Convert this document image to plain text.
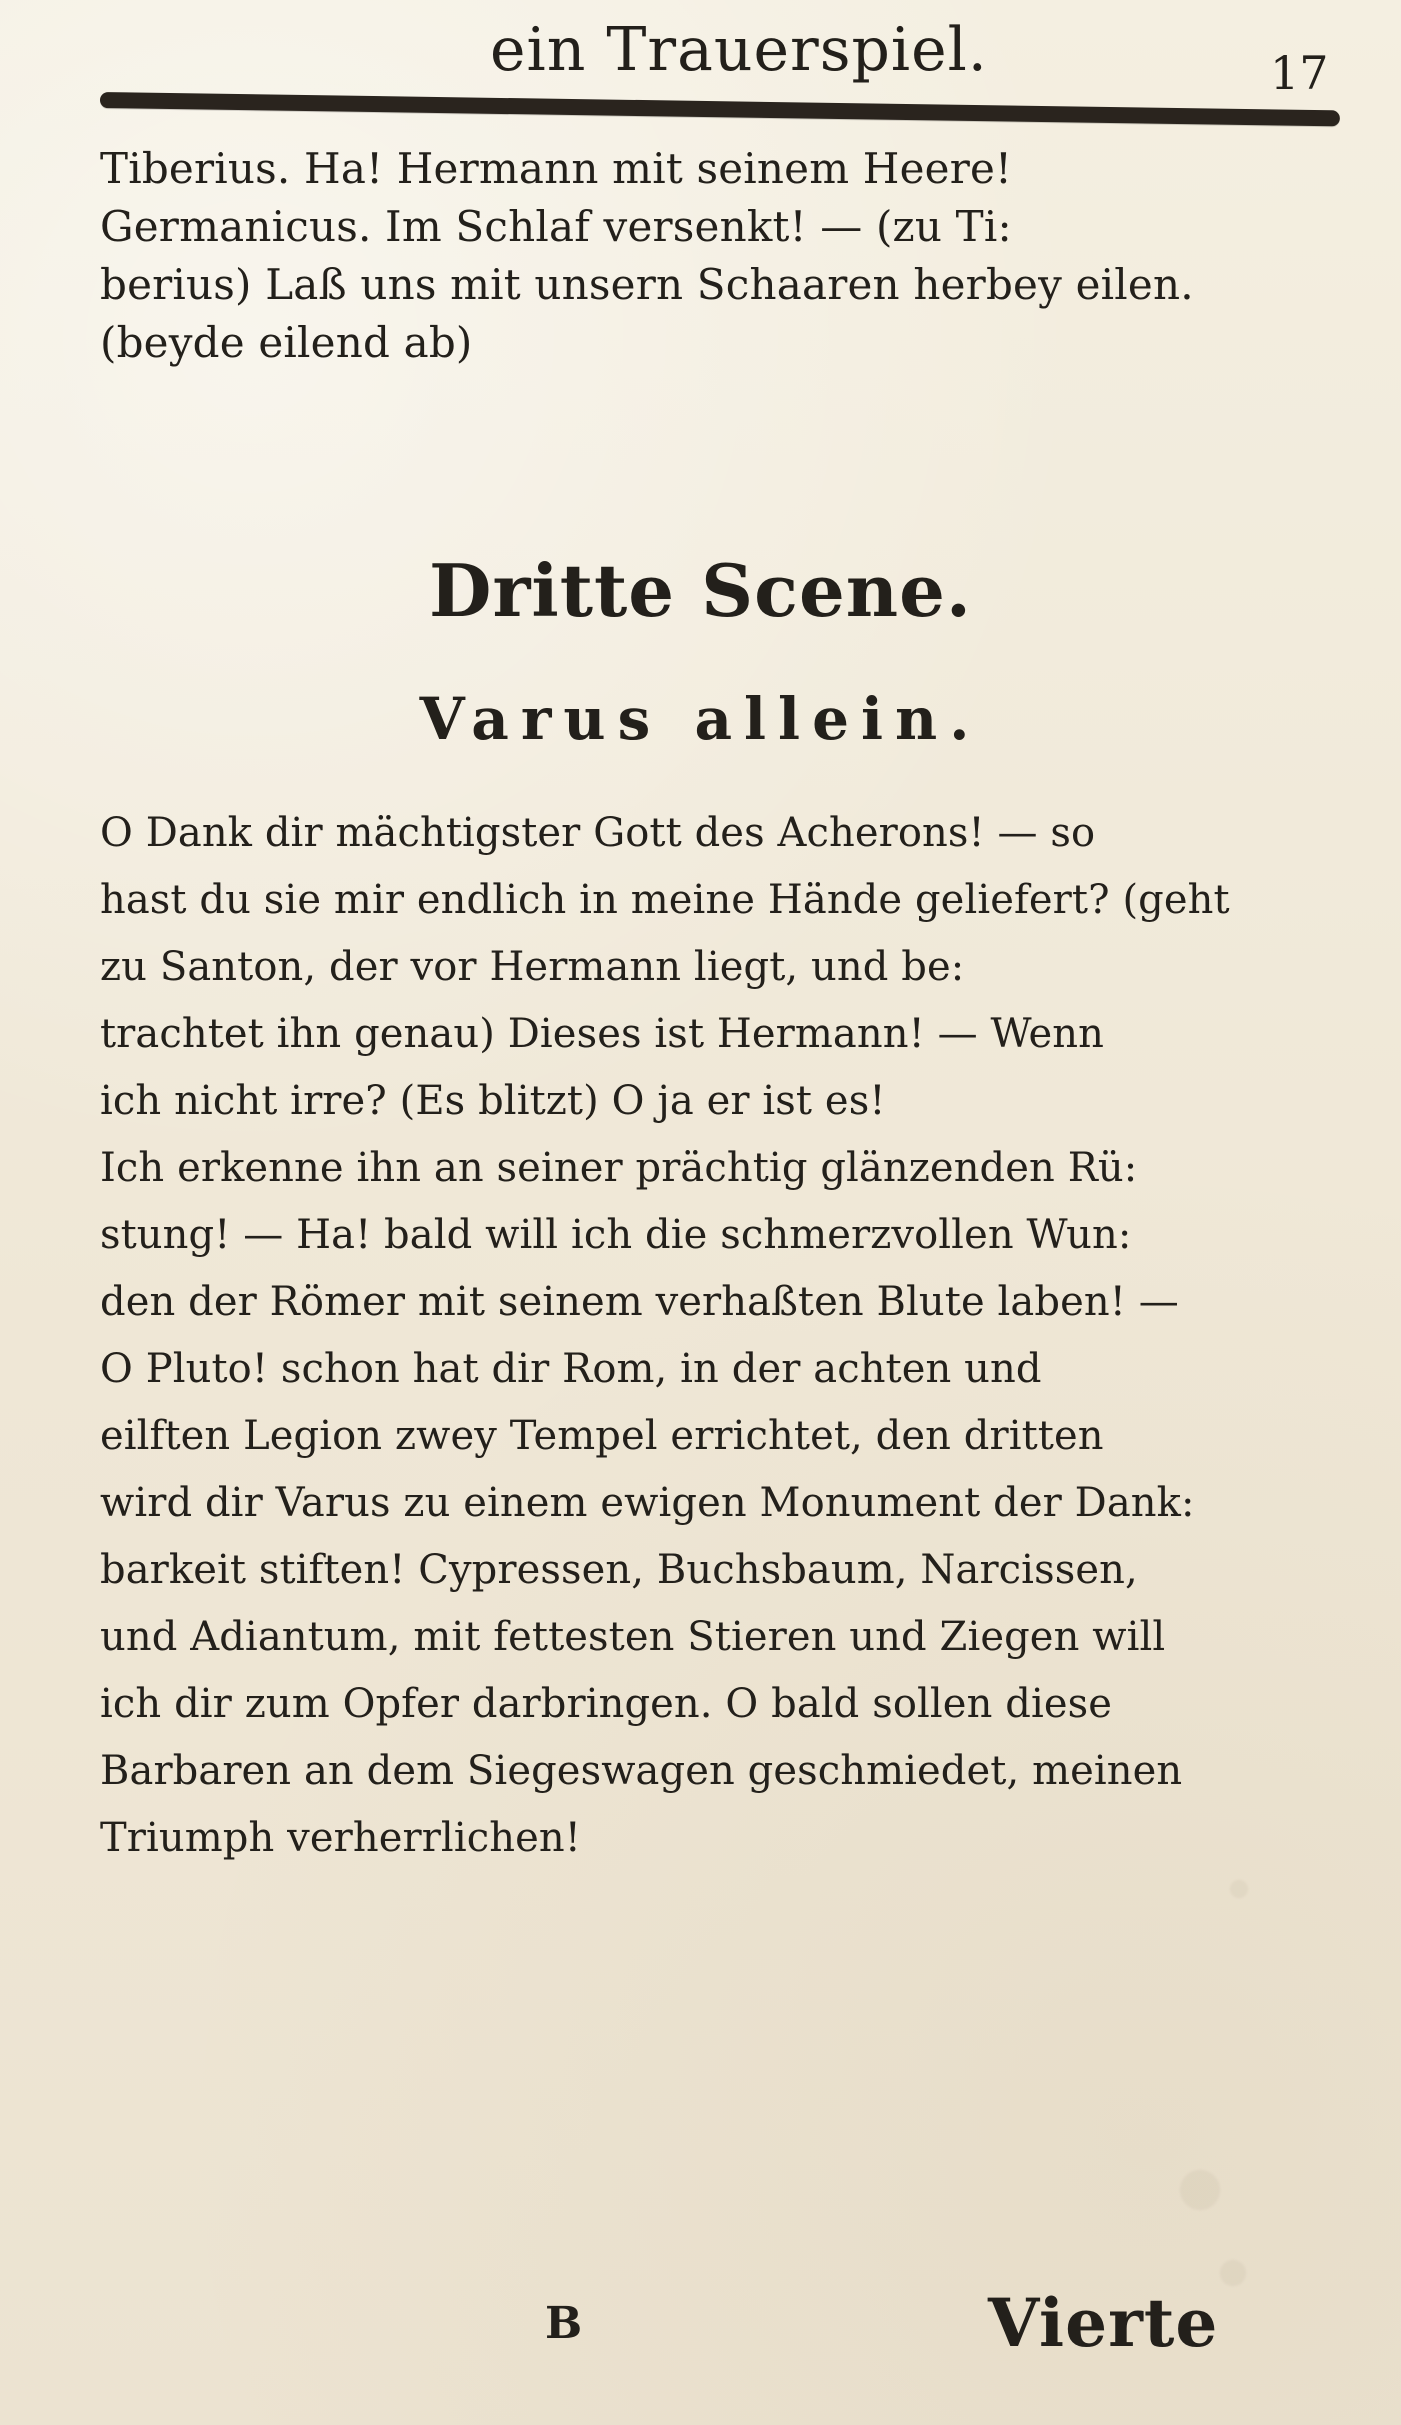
ein Trauerspiel.	17
Tiberius. Ha! Hermann mit seinem Heere!
Germanicus. Im Schlaf versenkt! — (zu Ti:
berius) Laß uns mit unsern Schaaren herbey eilen.
(beyde eilend ab)
Dritte Scene.
Varus allein.
O Dank dir mächtigster Gott des Acherons! — so
hast du sie mir endlich in meine Hände geliefert? (geht
zu Santon, der vor Hermann liegt, und be:
trachtet ihn genau) Dieses ist Hermann! — Wenn
ich nicht irre? (Es blitzt) O ja er ist es!
Ich erkenne ihn an seiner prächtig glänzenden Rü:
stung! — Ha! bald will ich die schmerzvollen Wun:
den der Römer mit seinem verhaßten Blute laben! —
O Pluto! schon hat dir Rom, in der achten und
eilften Legion zwey Tempel errichtet, den dritten
wird dir Varus zu einem ewigen Monument der Dank:
barkeit stiften! Cypressen, Buchsbaum, Narcissen,
und Adiantum, mit fettesten Stieren und Ziegen will
ich dir zum Opfer darbringen. O bald sollen diese
Barbaren an dem Siegeswagen geschmiedet, meinen
Triumph verherrlichen!
B	Vierte
